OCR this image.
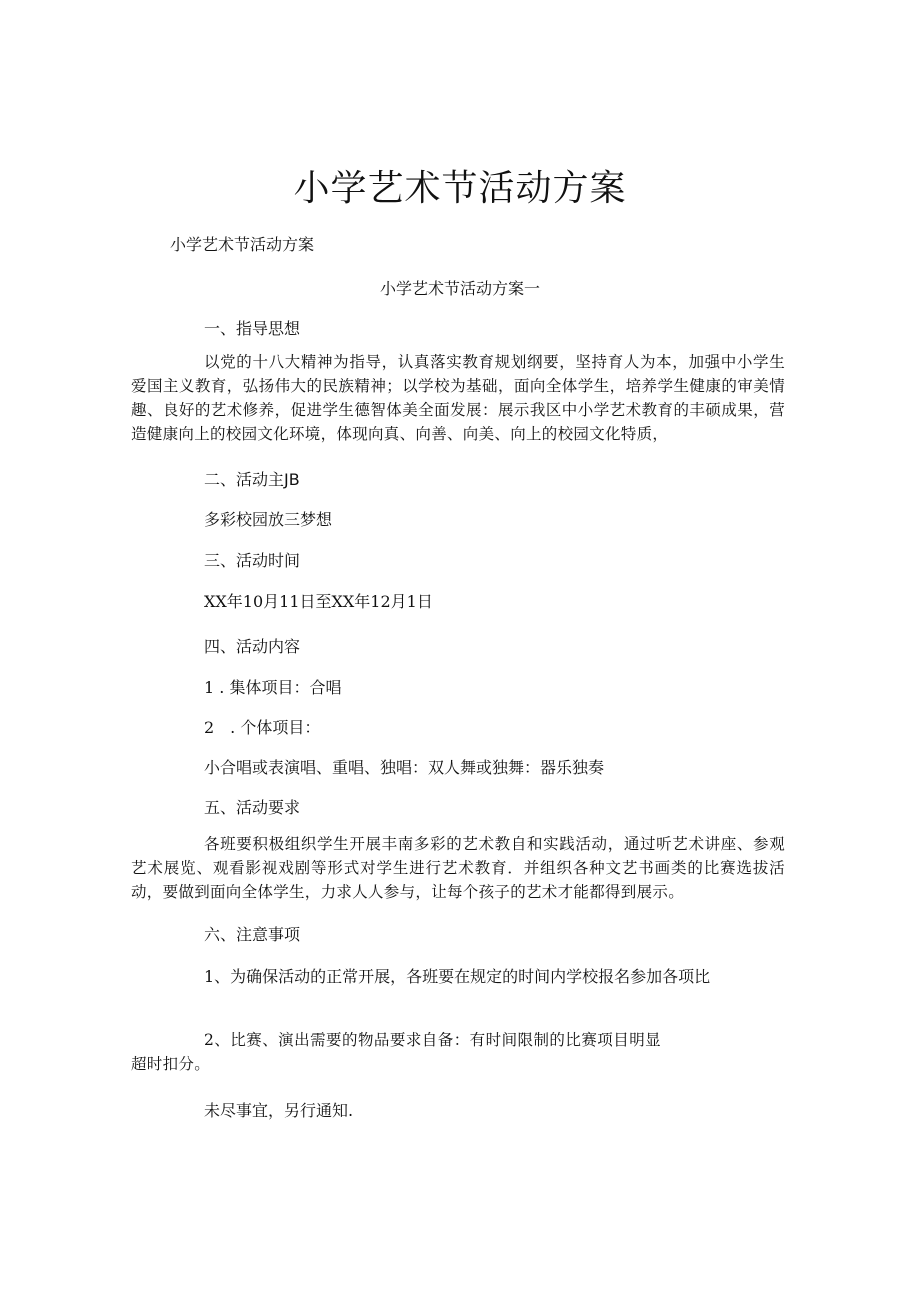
小学艺术节活动方案

小学艺术节活动方案

小学艺术节活动方案一

一、指导思想

以党的十八大精神为指导，认真落实教育规划纲要，坚持育人为本，加强中小学生爱国主义教育，弘扬伟大的民族精神；以学校为基础，面向全体学生，培养学生健康的审美情趣、良好的艺术修养，促进学生德智体美全面发展：展示我区中小学艺术教育的丰硕成果，营造健康向上的校园文化环境，体现向真、向善、向美、向上的校园文化特质，

二、活动主JB

多彩校园放三梦想

三、活动时间

XX年10月11日至XX年12月1日

四、活动内容

1 . 集体项目：合唱

2　. 个体项目：

小合唱或表演唱、重唱、独唱：双人舞或独舞：器乐独奏

五、活动要求

各班要积极组织学生开展丰南多彩的艺术教自和实践活动，通过听艺术讲座、参观艺术展览、观看影视戏剧等形式对学生进行艺术教育．并组织各种文艺书画类的比赛选拔活动，要做到面向全体学生，力求人人参与，让每个孩子的艺术才能都得到展示。

六、注意事项

1、为确保活动的正常开展，各班要在规定的时间内学校报名参加各项比

2、比赛、演出需要的物品要求自备：有时间限制的比赛项目明显超时扣分。

未尽事宜，另行通知.
